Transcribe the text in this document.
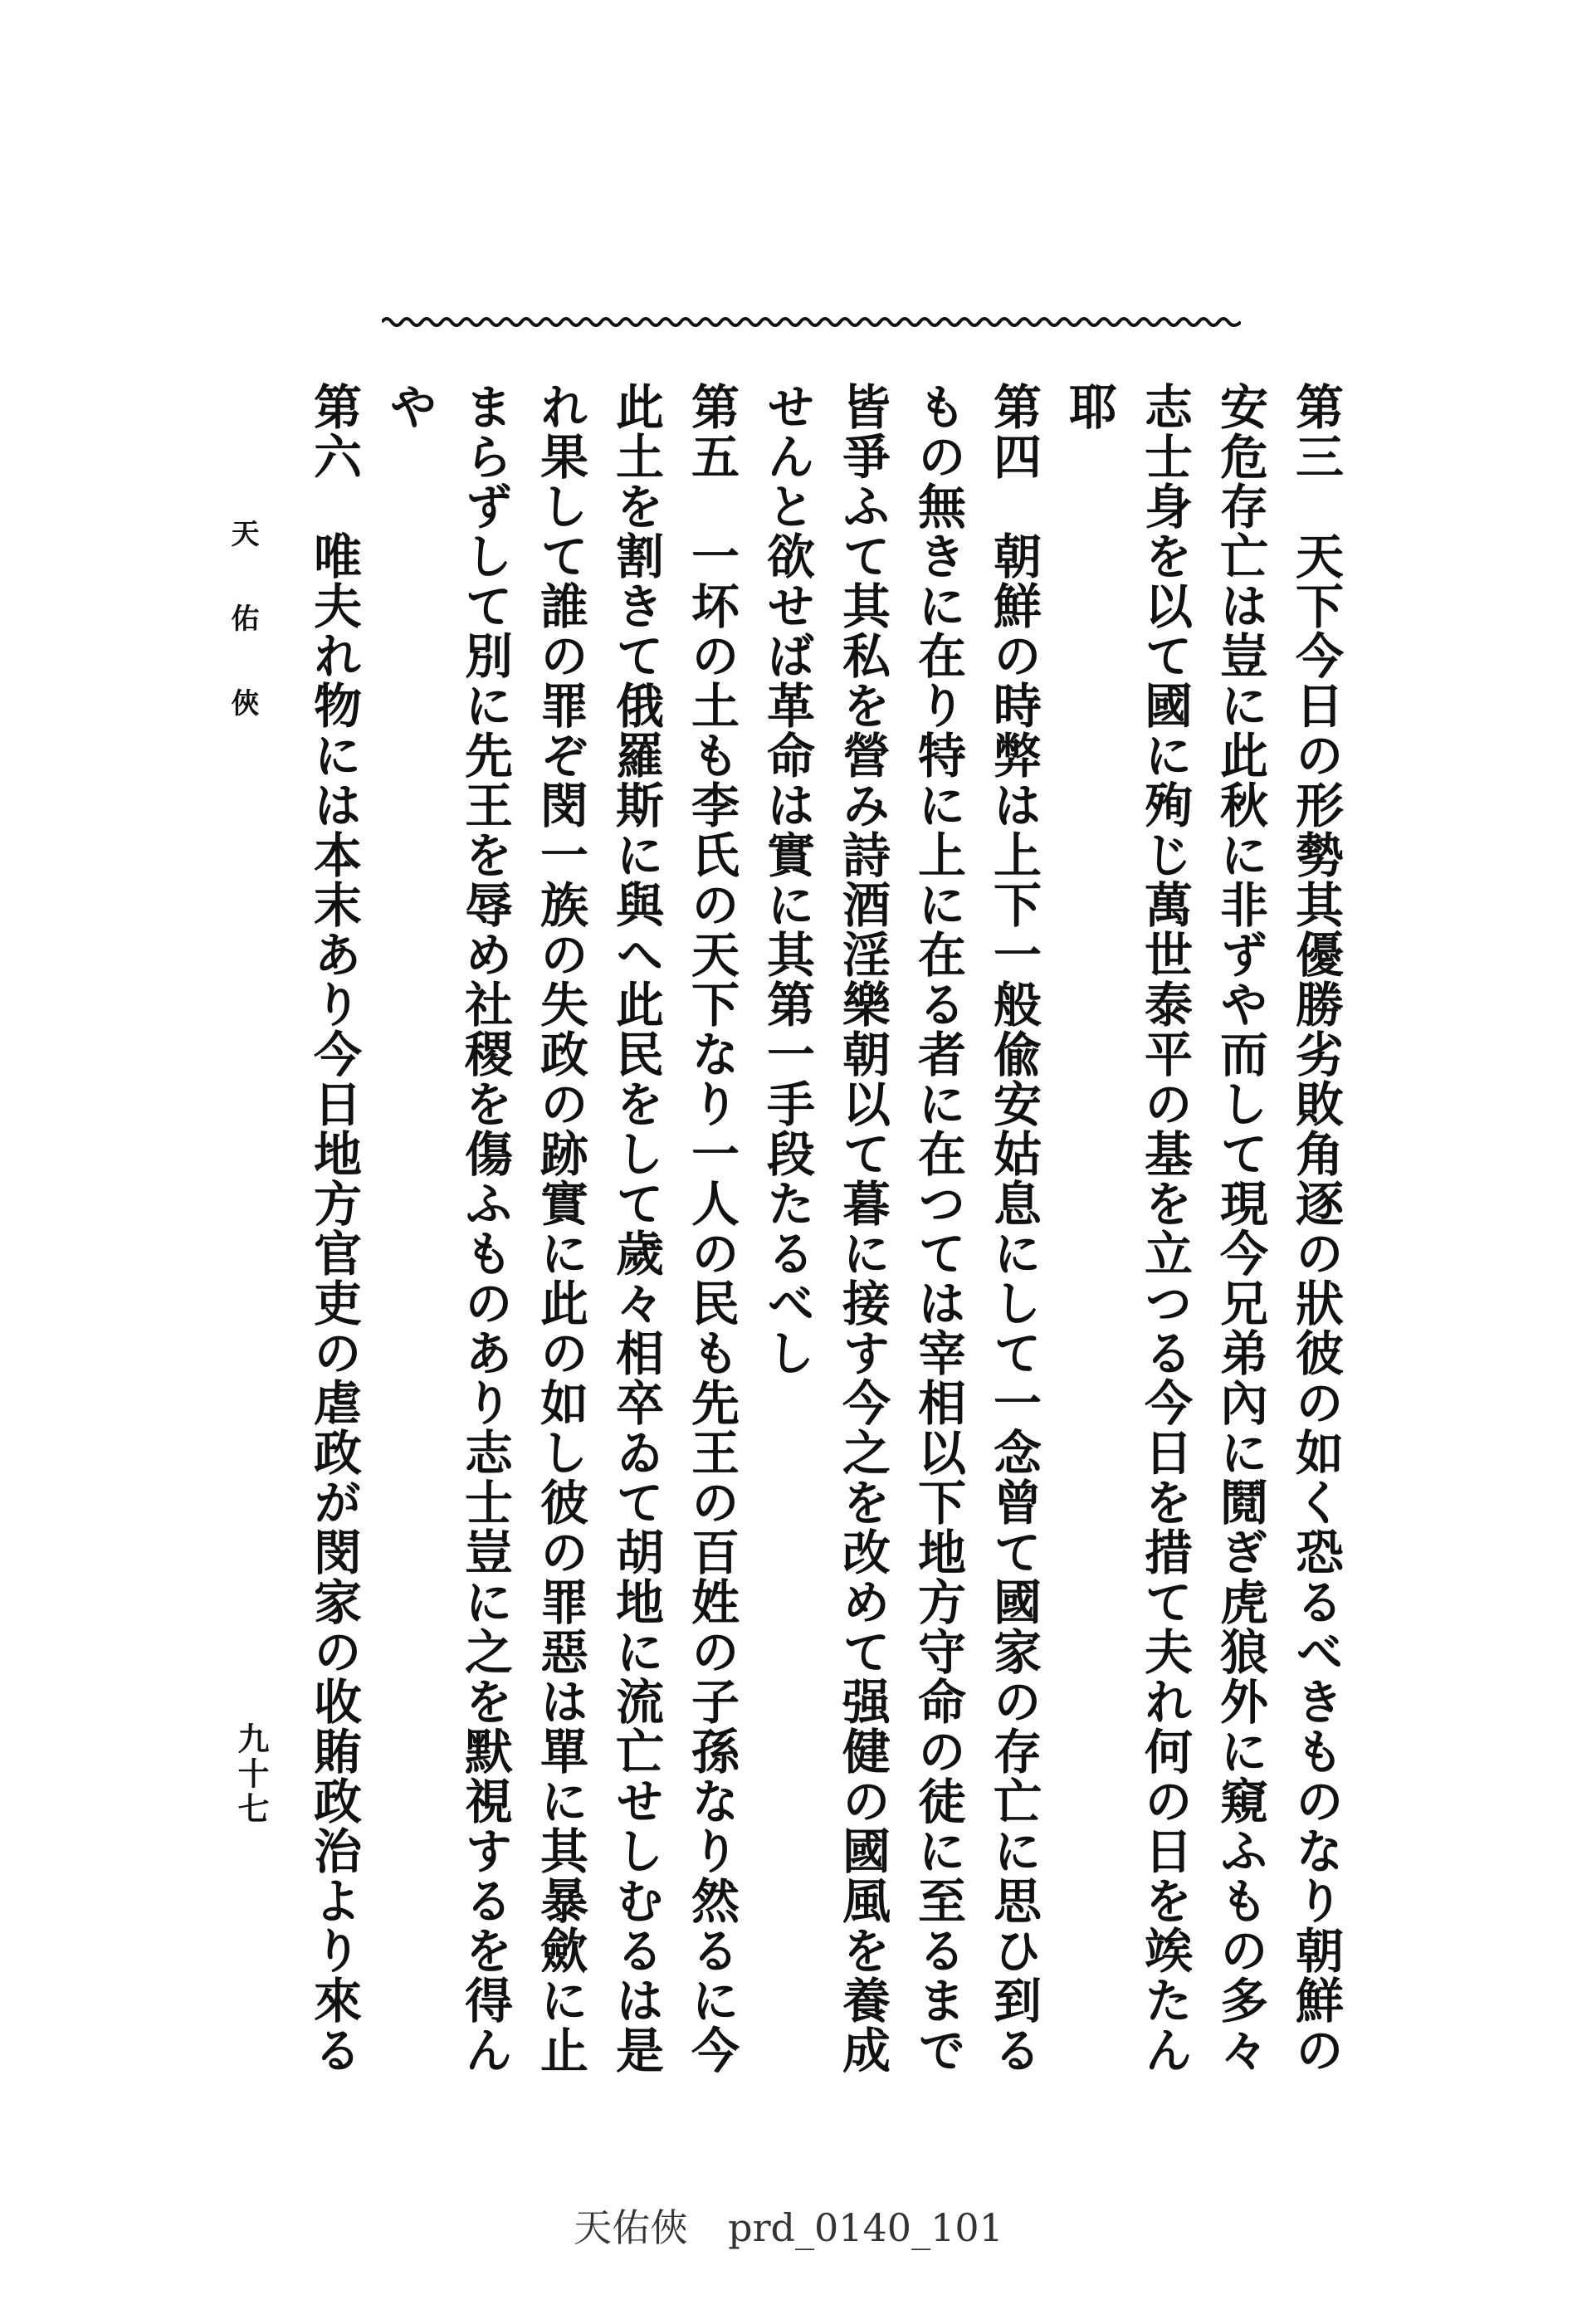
第三　天下今日の形勢其優勝劣敗角逐の狀彼の如く恐るべきものなり朝鮮の
安危存亡は豈に此秋に非ずや而して現今兄弟內に鬩ぎ虎狼外に窺ふもの多々
志士身を以て國に殉じ萬世泰平の基を立つる今日を措て夫れ何の日を竢たん
耶
第四　朝鮮の時弊は上下一般偸安姑息にして一念曾て國家の存亡に思ひ到る
もの無きに在り特に上に在る者に在つては宰相以下地方守命の徒に至るまで
皆爭ふて其私を營み詩酒淫樂朝以て暮に接す今之を改めて强健の國風を養成
せんと欲せば革命は實に其第一手段たるべし
第五　一坏の土も李氏の天下なり一人の民も先王の百姓の子孫なり然るに今
此土を割きて俄羅斯に與へ此民をして歲々相卒ゐて胡地に流亡せしむるは是
れ果して誰の罪ぞ閔一族の失政の跡實に此の如し彼の罪惡は單に其暴歛に止
まらずして別に先王を辱め社稷を傷ふものあり志士豈に之を默視するを得ん
や
第六　唯夫れ物には本末あり今日地方官吏の虐政が閔家の收賄政治より來る
天佑俠
九十七
天佑俠 prd_0140_101
